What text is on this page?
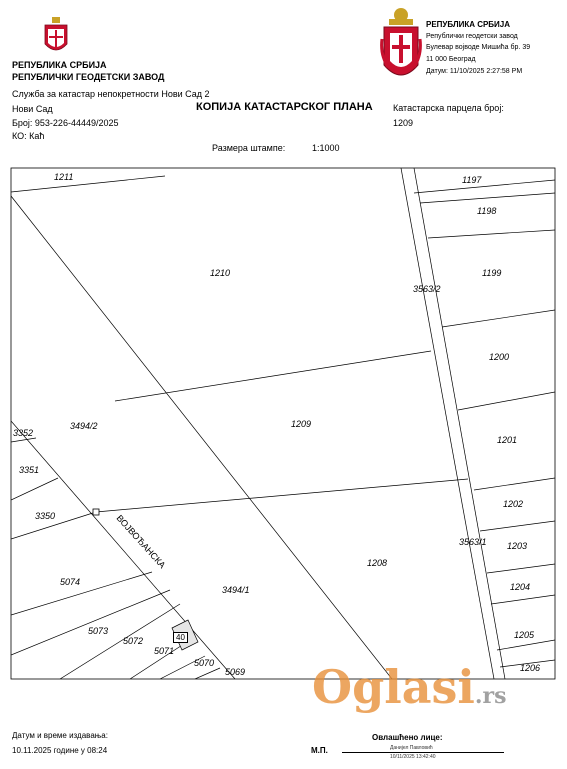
РЕПУБЛИКА СРБИЈА
РЕПУБЛИЧКИ ГЕОДЕТСКИ ЗАВОД
Служба за катастар непокретности Нови Сад 2
Нови Сад
Број: 953-226-44449/2025
КО: Каћ
РЕПУБЛИКА СРБИЈА
Републички геодетски завод
Булевар војводе Мишића бр. 39
11 000 Београд
Датум: 11/10/2025 2:27:58 PM
КОПИЈА КАТАСТАРСКОГ ПЛАНА Катастарска парцела број:
1209
Размера штампе:	1:1000
1211	1197
1198
1210	1199
3563/2
1200
3352
3494/2	1209
1201
3351
1202
3350	ВОЈВОЂАНСКА	3563/1 1203
1208
5074	1204
3494/1
5073
5072	40
5071
1205
5070	1206
5069 Oglasi.rs
Датум и време издавања:
10.11.2025 године у 08:24	М.П.
Овлашћено лице:
Данијел Павловић
10/11/2025 13:42:40
